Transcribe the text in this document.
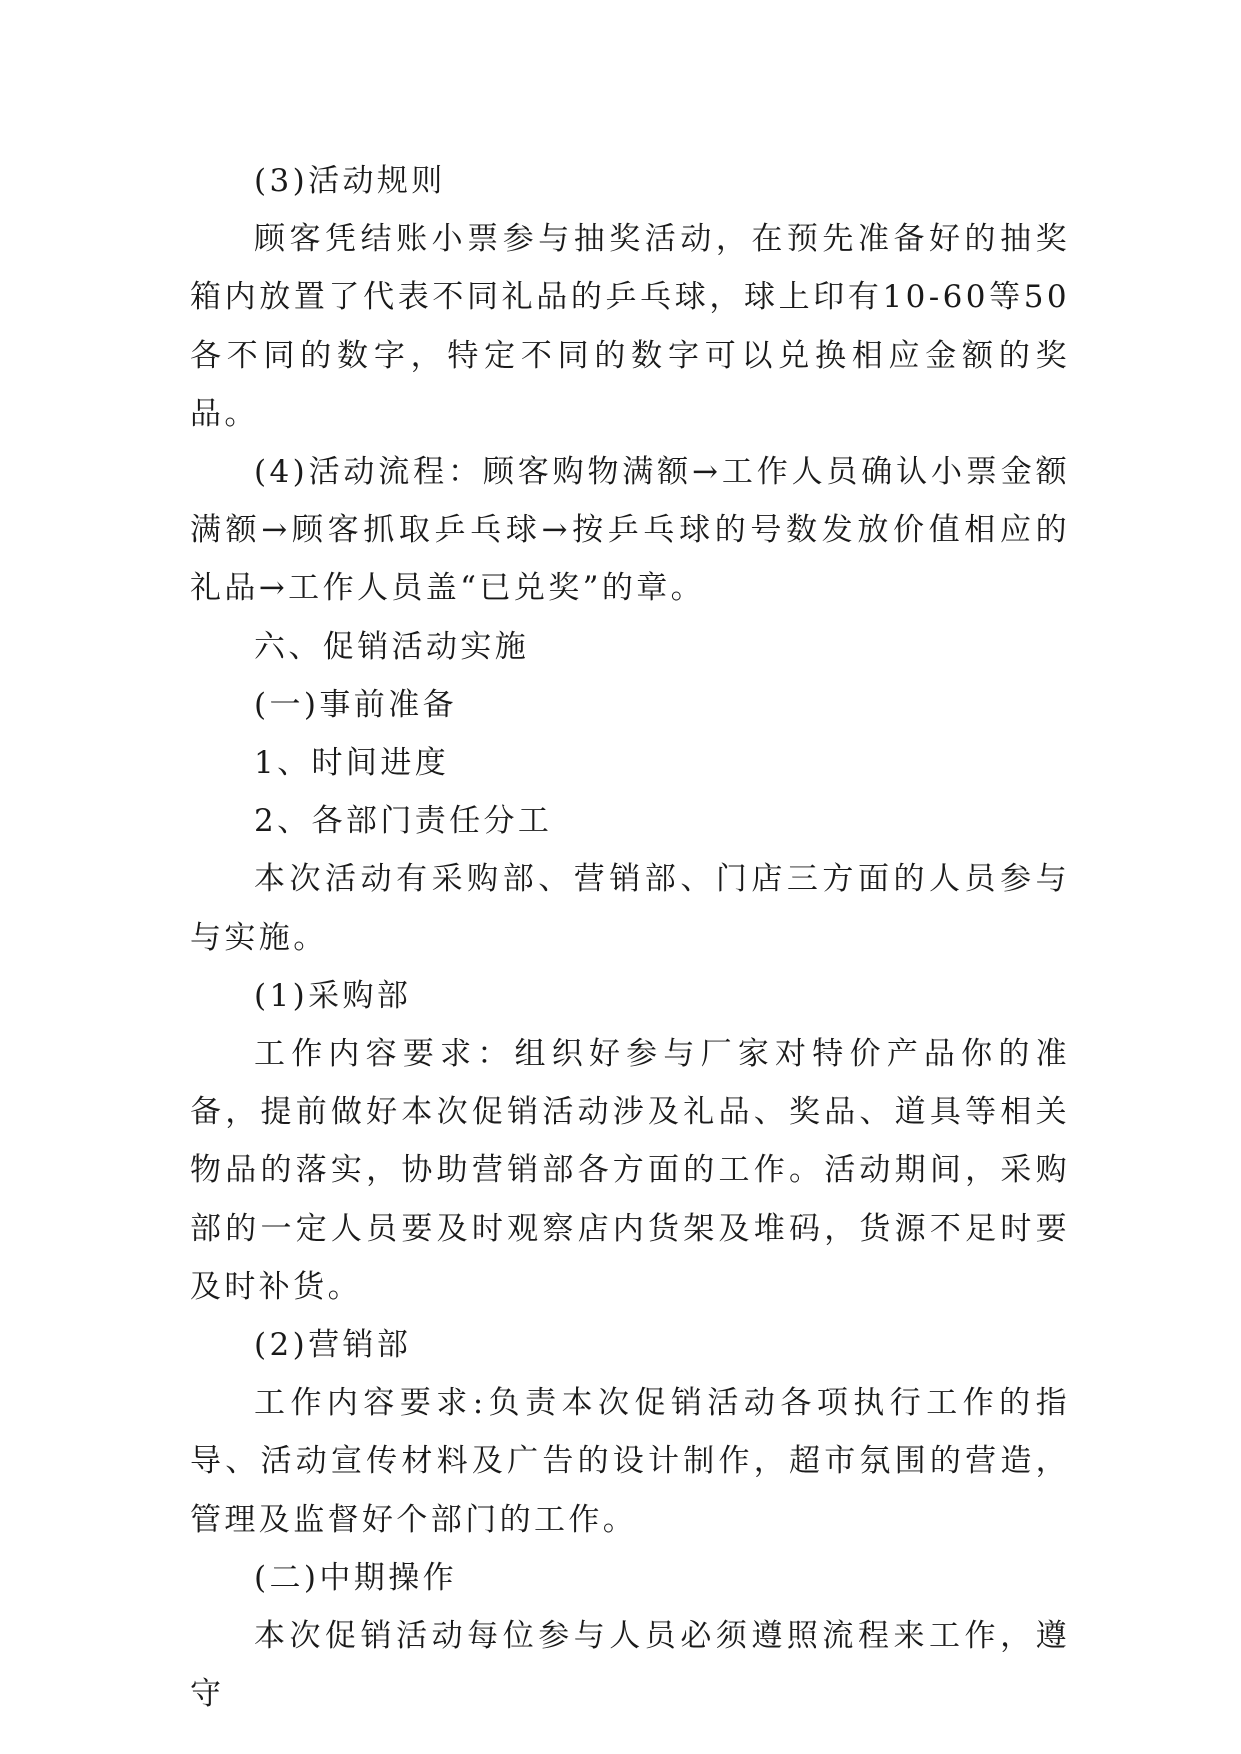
(3)活动规则

顾客凭结账小票参与抽奖活动，在预先准备好的抽奖箱内放置了代表不同礼品的乒乓球，球上印有10-60等50各不同的数字，特定不同的数字可以兑换相应金额的奖品。

(4)活动流程：顾客购物满额→工作人员确认小票金额满额→顾客抓取乒乓球→按乒乓球的号数发放价值相应的礼品→工作人员盖“已兑奖”的章。

六、促销活动实施

(一)事前准备

1、时间进度

2、各部门责任分工

本次活动有采购部、营销部、门店三方面的人员参与与实施。

(1)采购部

工作内容要求：组织好参与厂家对特价产品你的准备，提前做好本次促销活动涉及礼品、奖品、道具等相关物品的落实，协助营销部各方面的工作。活动期间，采购部的一定人员要及时观察店内货架及堆码，货源不足时要及时补货。

(2)营销部

工作内容要求:负责本次促销活动各项执行工作的指导、活动宣传材料及广告的设计制作，超市氛围的营造，管理及监督好个部门的工作。

(二)中期操作

本次促销活动每位参与人员必须遵照流程来工作，遵守
